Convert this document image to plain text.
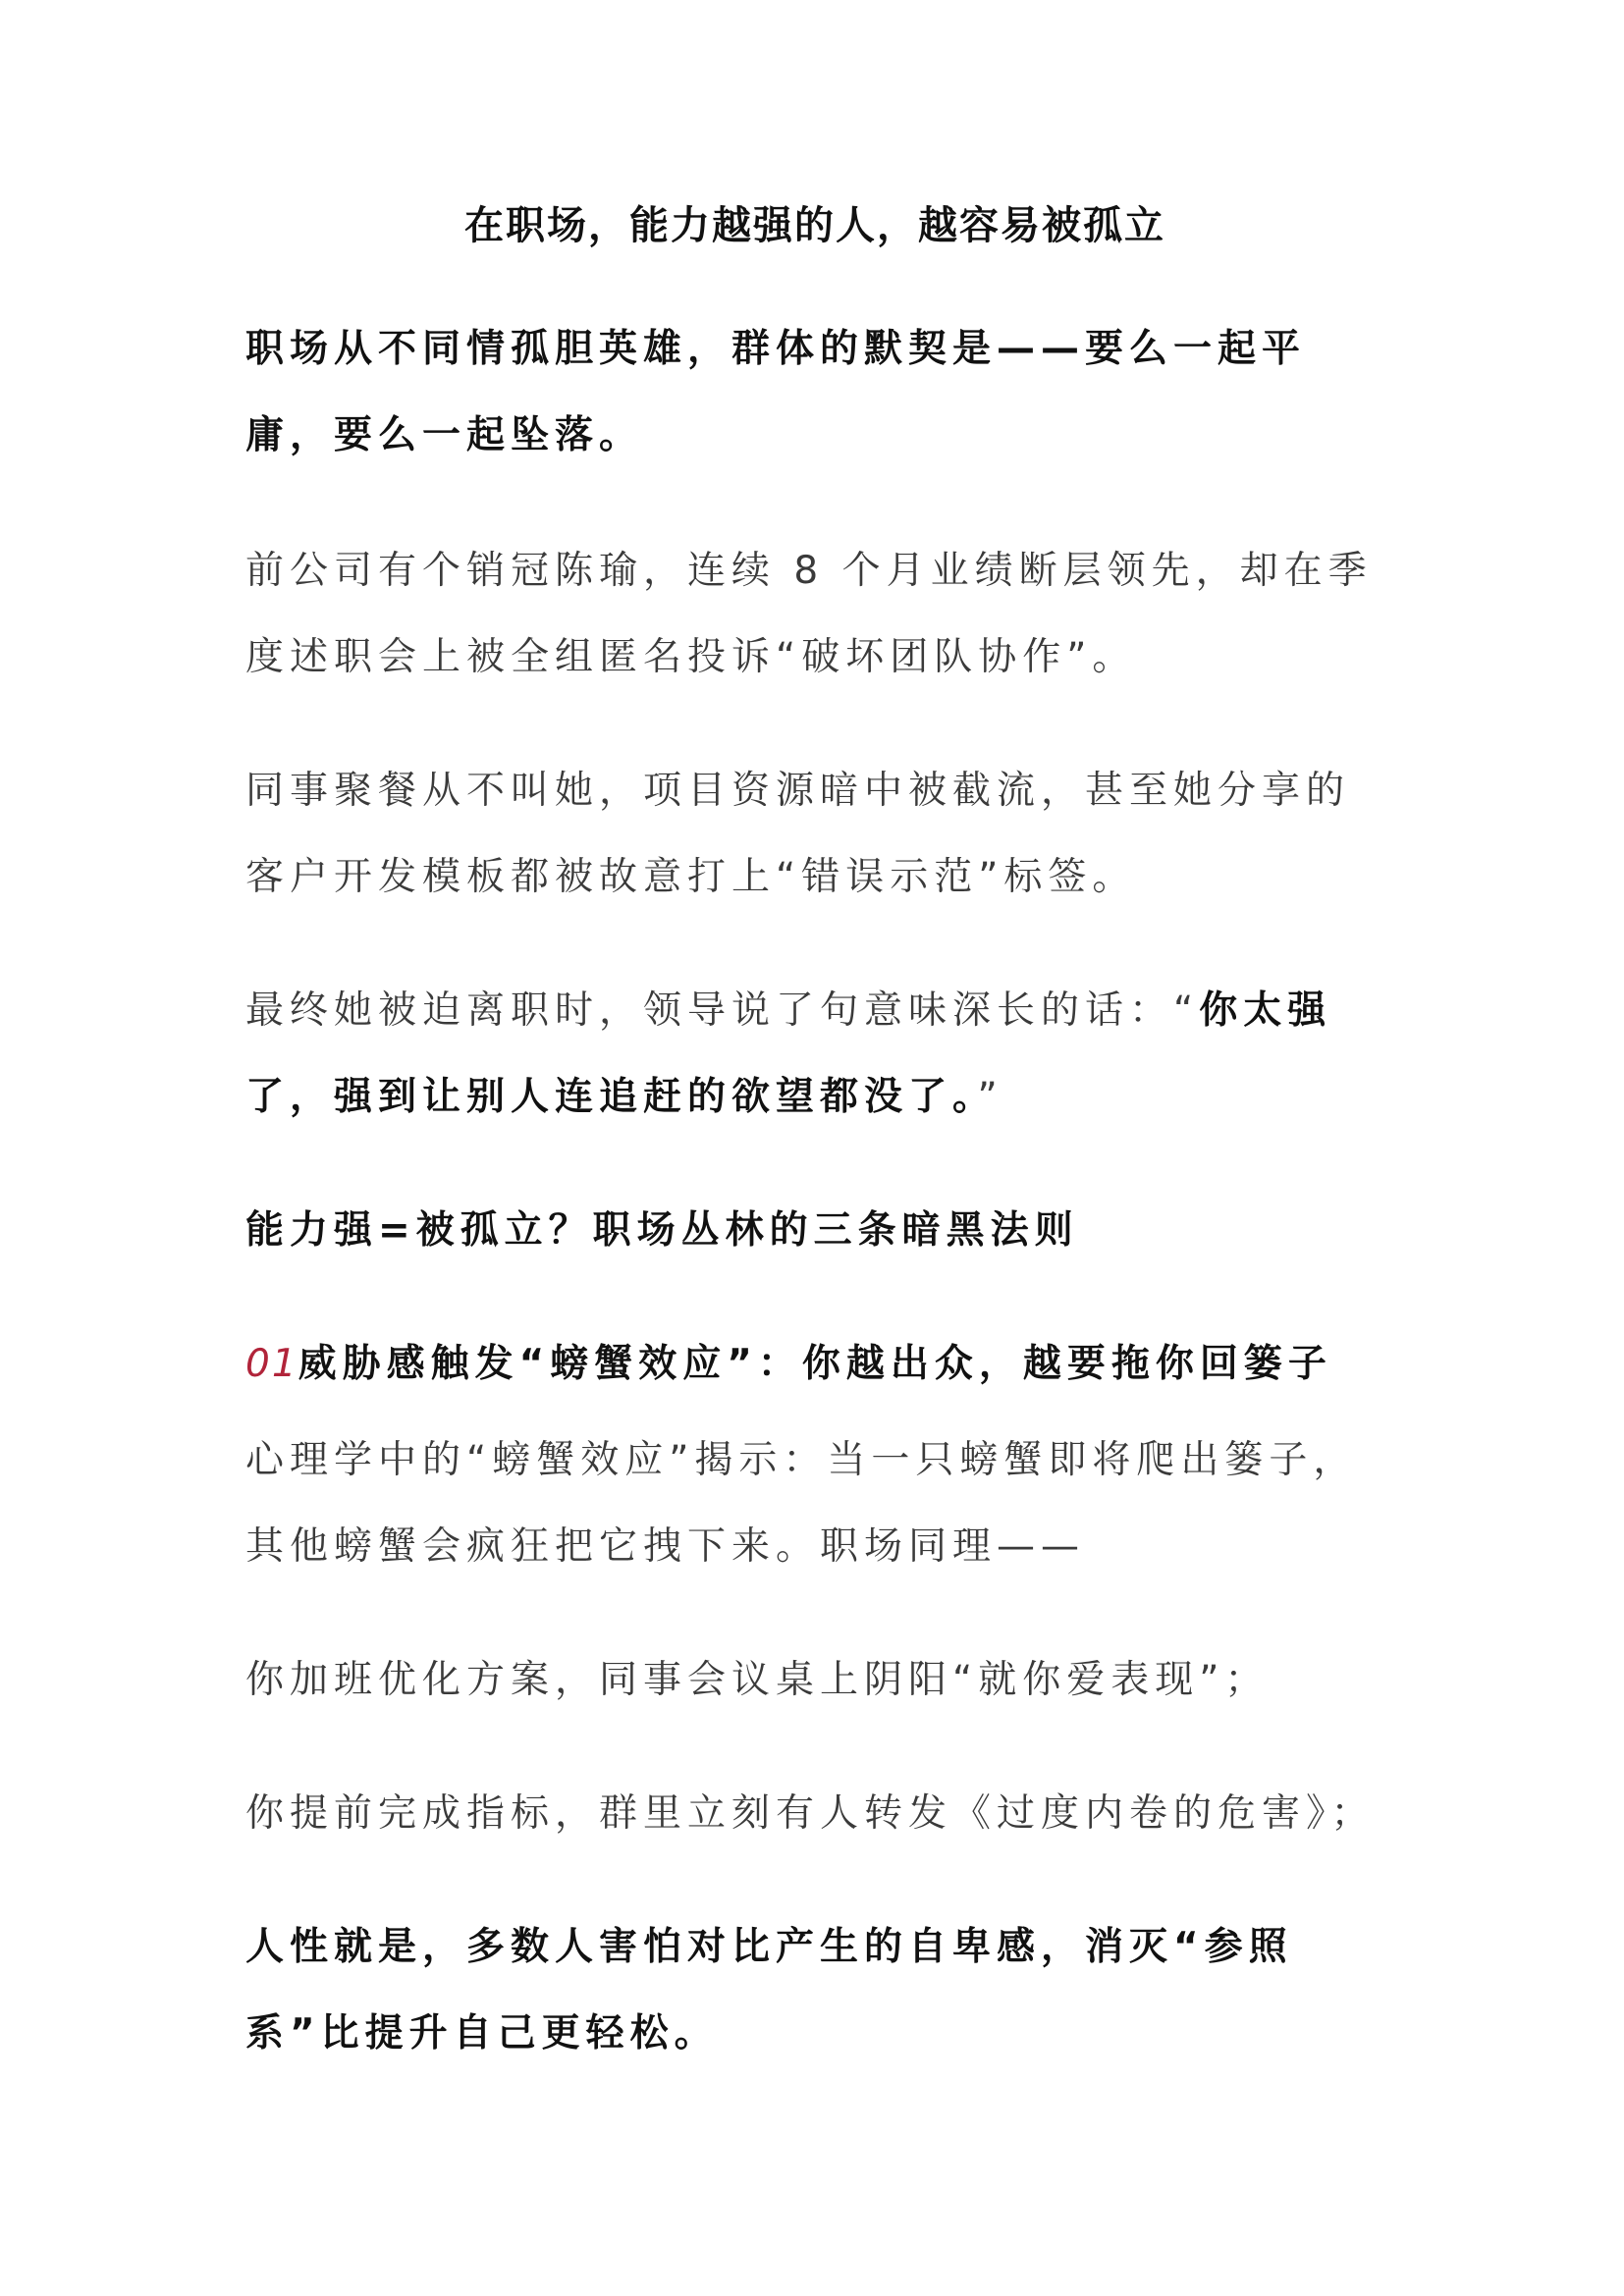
在职场，能力越强的人，越容易被孤立

职场从不同情孤胆英雄，群体的默契是——要么一起平庸，要么一起坠落。

前公司有个销冠陈瑜，连续 8 个月业绩断层领先，却在季度述职会上被全组匿名投诉“破坏团队协作”。

同事聚餐从不叫她，项目资源暗中被截流，甚至她分享的客户开发模板都被故意打上“错误示范”标签。

最终她被迫离职时，领导说了句意味深长的话：“你太强了，强到让别人连追赶的欲望都没了。”

能力强=被孤立？职场丛林的三条暗黑法则

01威胁感触发“螃蟹效应”：你越出众，越要拖你回篓子

心理学中的“螃蟹效应”揭示：当一只螃蟹即将爬出篓子，其他螃蟹会疯狂把它拽下来。职场同理——

你加班优化方案，同事会议桌上阴阳“就你爱表现”；

你提前完成指标，群里立刻有人转发《过度内卷的危害》；

人性就是，多数人害怕对比产生的自卑感，消灭“参照系”比提升自己更轻松。
